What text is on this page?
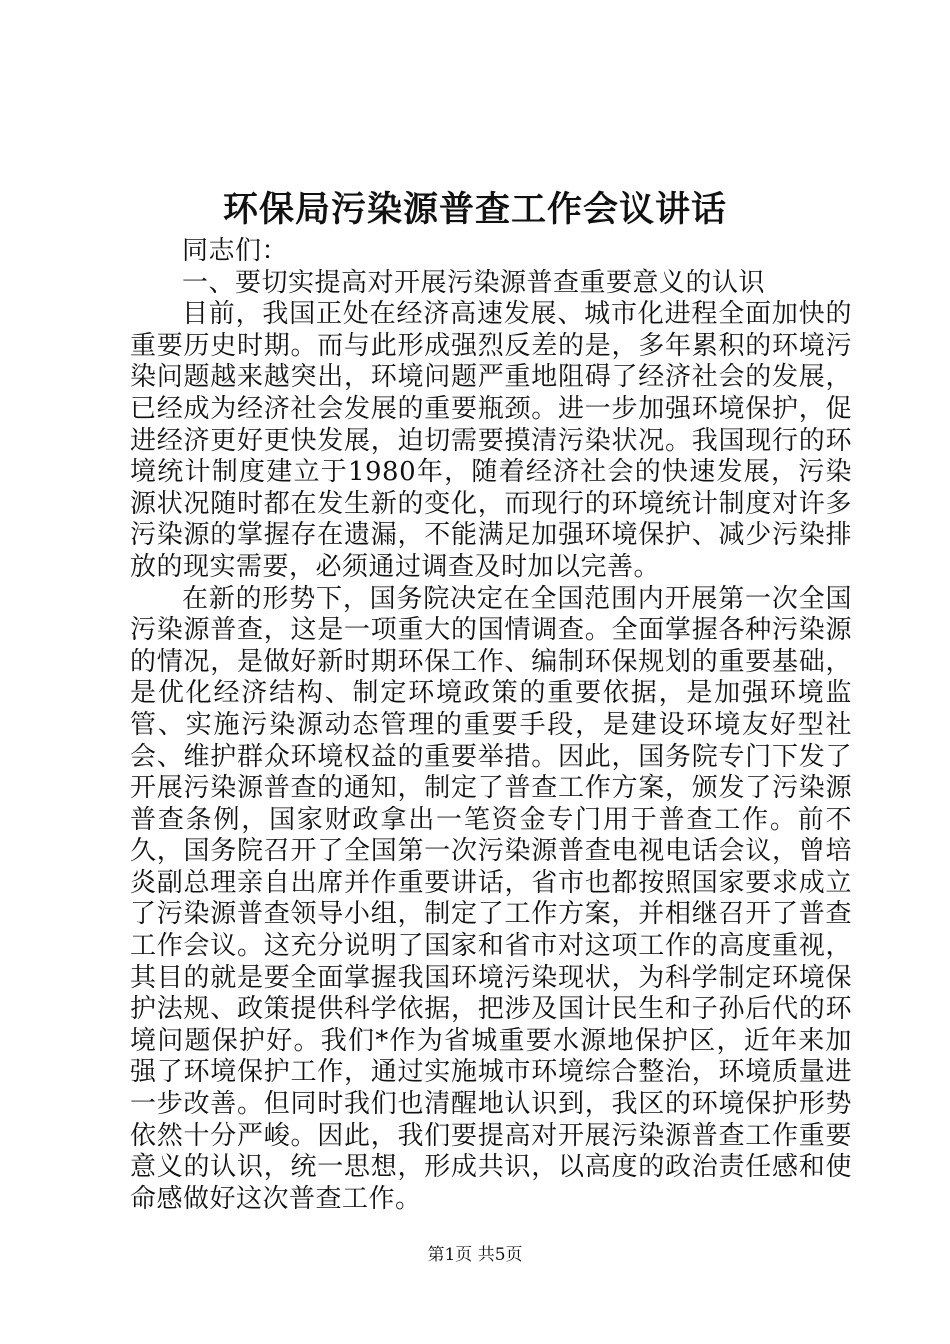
环保局污染源普查工作会议讲话

同志们：

一、要切实提高对开展污染源普查重要意义的认识

目前，我国正处在经济高速发展、城市化进程全面加快的重要历史时期。而与此形成强烈反差的是，多年累积的环境污染问题越来越突出，环境问题严重地阻碍了经济社会的发展，已经成为经济社会发展的重要瓶颈。进一步加强环境保护，促进经济更好更快发展，迫切需要摸清污染状况。我国现行的环境统计制度建立于1980年，随着经济社会的快速发展，污染源状况随时都在发生新的变化，而现行的环境统计制度对许多污染源的掌握存在遗漏，不能满足加强环境保护、减少污染排放的现实需要，必须通过调查及时加以完善。

在新的形势下，国务院决定在全国范围内开展第一次全国污染源普查，这是一项重大的国情调查。全面掌握各种污染源的情况，是做好新时期环保工作、编制环保规划的重要基础，是优化经济结构、制定环境政策的重要依据，是加强环境监管、实施污染源动态管理的重要手段，是建设环境友好型社会、维护群众环境权益的重要举措。因此，国务院专门下发了开展污染源普查的通知，制定了普查工作方案，颁发了污染源普查条例，国家财政拿出一笔资金专门用于普查工作。前不久，国务院召开了全国第一次污染源普查电视电话会议，曾培炎副总理亲自出席并作重要讲话，省市也都按照国家要求成立了污染源普查领导小组，制定了工作方案，并相继召开了普查工作会议。这充分说明了国家和省市对这项工作的高度重视，其目的就是要全面掌握我国环境污染现状，为科学制定环境保护法规、政策提供科学依据，把涉及国计民生和子孙后代的环境问题保护好。我们*作为省城重要水源地保护区，近年来加强了环境保护工作，通过实施城市环境综合整治，环境质量进一步改善。但同时我们也清醒地认识到，我区的环境保护形势依然十分严峻。因此，我们要提高对开展污染源普查工作重要意义的认识，统一思想，形成共识，以高度的政治责任感和使命感做好这次普查工作。

第1页 共5页
